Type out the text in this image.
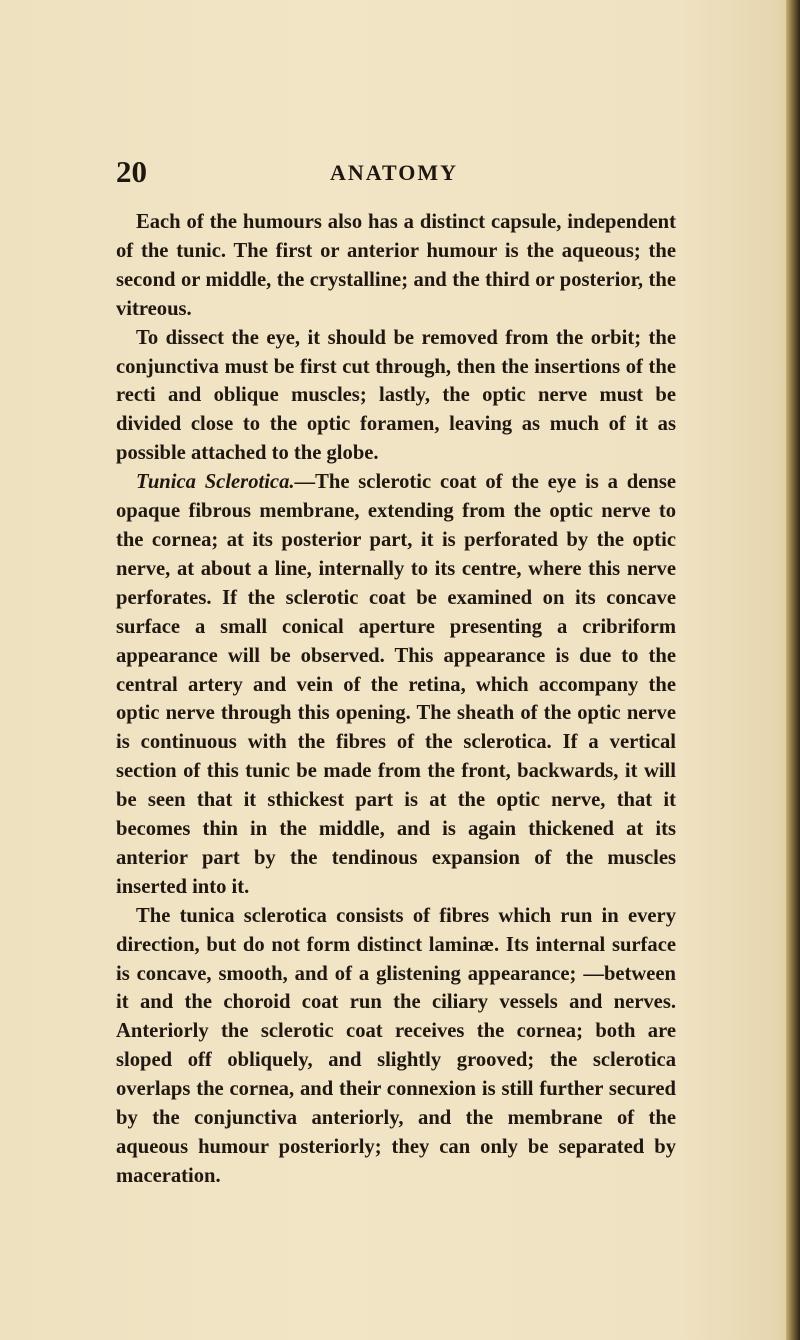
20	ANATOMY

Each of the humours also has a distinct capsule, independent of the tunic. The first or anterior humour is the aqueous; the second or middle, the crystalline; and the third or posterior, the vitreous.

To dissect the eye, it should be removed from the orbit; the conjunctiva must be first cut through, then the insertions of the recti and oblique muscles; lastly, the optic nerve must be divided close to the optic foramen, leaving as much of it as possible attached to the globe.

Tunica Sclerotica.—The sclerotic coat of the eye is a dense opaque fibrous membrane, extending from the optic nerve to the cornea; at its posterior part, it is perforated by the optic nerve, at about a line, internally to its centre, where this nerve perforates. If the sclerotic coat be examined on its concave surface a small conical aperture presenting a cribriform appearance will be observed. This appearance is due to the central artery and vein of the retina, which accompany the optic nerve through this opening. The sheath of the optic nerve is continuous with the fibres of the sclerotica. If a vertical section of this tunic be made from the front, backwards, it will be seen that it sthickest part is at the optic nerve, that it becomes thin in the middle, and is again thickened at its anterior part by the tendinous expansion of the muscles inserted into it.

The tunica sclerotica consists of fibres which run in every direction, but do not form distinct laminæ. Its internal surface is concave, smooth, and of a glistening appearance; —between it and the choroid coat run the ciliary vessels and nerves. Anteriorly the sclerotic coat receives the cornea; both are sloped off obliquely, and slightly grooved; the sclerotica overlaps the cornea, and their connexion is still further secured by the conjunctiva anteriorly, and the membrane of the aqueous humour posteriorly; they can only be separated by maceration.
